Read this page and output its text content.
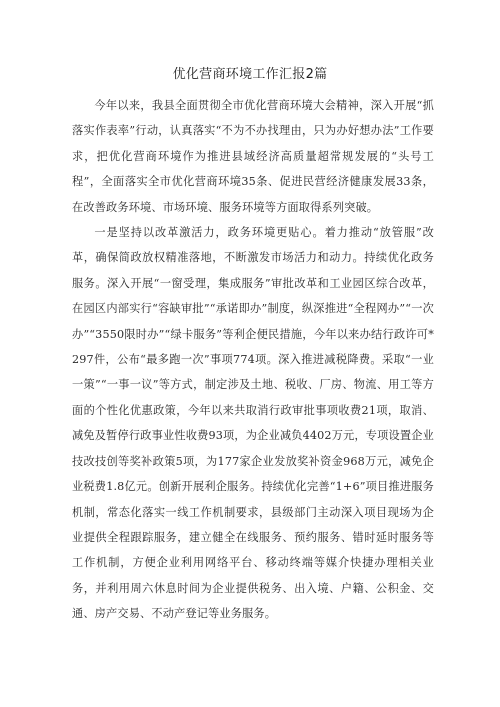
优化营商环境工作汇报2篇

今年以来，我县全面贯彻全市优化营商环境大会精神，深入开展“抓落实作表率”行动，认真落实“不为不办找理由，只为办好想办法”工作要求，把优化营商环境作为推进县域经济高质量超常规发展的“头号工程”，全面落实全市优化营商环境35条、促进民营经济健康发展33条，在改善政务环境、市场环境、服务环境等方面取得系列突破。

一是坚持以改革激活力，政务环境更贴心。着力推动“放管服”改革，确保简政放权精准落地，不断激发市场活力和动力。持续优化政务服务。深入开展“一窗受理，集成服务”审批改革和工业园区综合改革，在园区内部实行“容缺审批”“承诺即办”制度，纵深推进“全程网办”“一次办”“3550限时办”“绿卡服务”等利企便民措施，今年以来办结行政许可*297件，公布“最多跑一次”事项774项。深入推进减税降费。采取“一业一策”“一事一议”等方式，制定涉及土地、税收、厂房、物流、用工等方面的个性化优惠政策，今年以来共取消行政审批事项收费21项，取消、减免及暂停行政事业性收费93项，为企业减负4402万元，专项设置企业技改技创等奖补政策5项，为177家企业发放奖补资金968万元，减免企业税费1.8亿元。创新开展利企服务。持续优化完善“1+6”项目推进服务机制，常态化落实一线工作机制要求，县级部门主动深入项目现场为企业提供全程跟踪服务，建立健全在线服务、预约服务、错时延时服务等工作机制，方便企业利用网络平台、移动终端等媒介快捷办理相关业务，并利用周六休息时间为企业提供税务、出入境、户籍、公积金、交通、房产交易、不动产登记等业务服务。
